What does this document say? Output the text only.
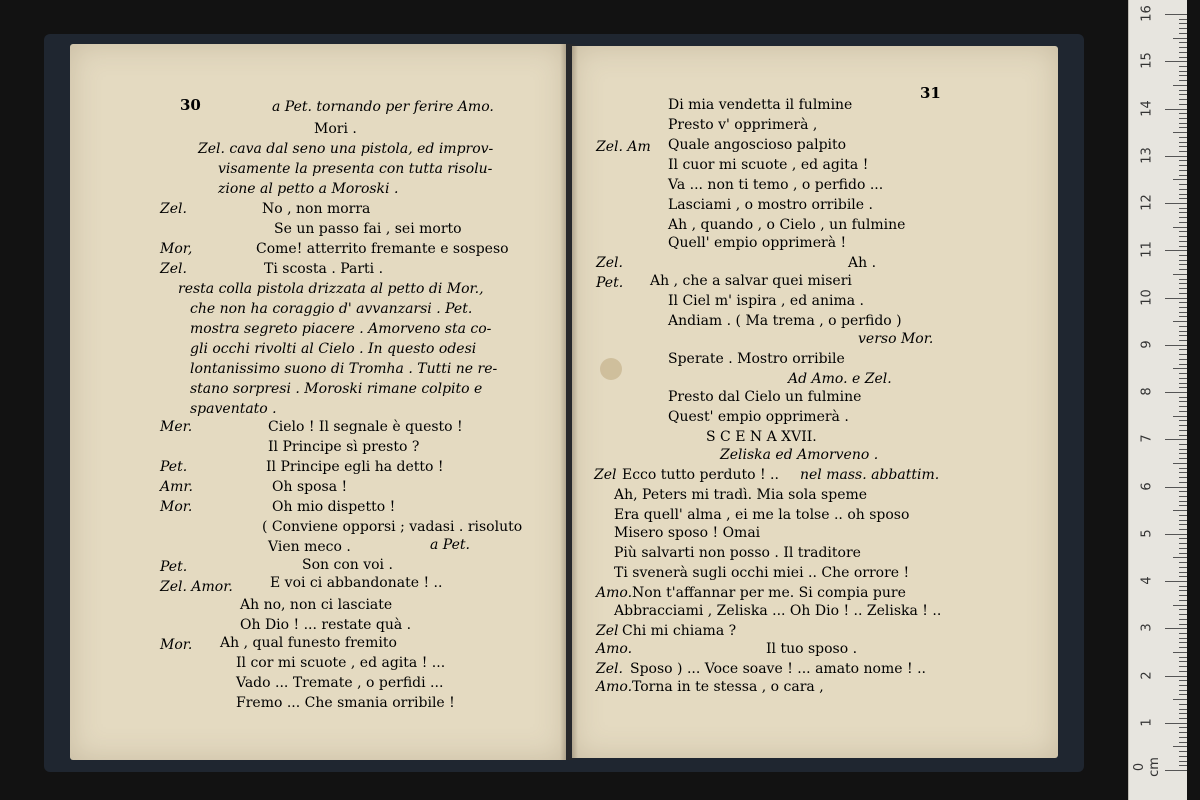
30
31
a Pet. tornando per ferire Amo.
Mori .
Zel. cava dal seno una pistola, ed improv-
visamente la presenta con tutta risolu-
zione al petto a Moroski .
Zel.	No , non morra
Se un passo fai , sei morto
Mor,	Come! atterrito fremante e sospeso
Zel.	Ti scosta . Parti .
resta colla pistola drizzata al petto di Mor.,
che non ha coraggio d' avvanzarsi . Pet.
mostra segreto piacere . Amorveno sta co-
gli occhi rivolti al Cielo . In questo odesi
lontanissimo suono di Tromha . Tutti ne re-
stano sorpresi . Moroski rimane colpito e
spaventato .
Mer.	Cielo ! Il segnale è questo !
Il Principe sì presto ?
Pet.	Il Principe egli ha detto !
Amr.	Oh sposa !
Mor.	Oh mio dispetto !
( Conviene opporsi ; vadasi . risoluto
Vien meco .	a Pet.
Pet.	Son con voi .
Zel. Amor.	E voi ci abbandonate ! ..
Ah no, non ci lasciate
Oh Dio ! ... restate quà .
Mor. Ah , qual funesto fremito
Il cor mi scuote , ed agita ! ...
Vado ... Tremate , o perfidi ...
Fremo ... Che smania orribile !
Di mia vendetta il fulmine
Presto v' opprimerà ,
Zel. Am Quale angoscioso palpito
Il cuor mi scuote , ed agita !
Va ... non ti temo , o perfido ...
Lasciami , o mostro orribile .
Ah , quando , o Cielo , un fulmine
Quell' empio opprimerà !
Zel.	Ah .
Pet. Ah , che a salvar quei miseri
Il Ciel m' ispira , ed anima .
Andiam . ( Ma trema , o perfido )
verso Mor.
Sperate . Mostro orribile
Ad Amo. e Zel.
Presto dal Cielo un fulmine
Quest' empio opprimerà .
S C E N A XVII.
Zeliska ed Amorveno .
Zel Ecco tutto perduto ! .. nel mass. abbattim.
Ah, Peters mi tradì. Mia sola speme
Era quell' alma , ei me la tolse .. oh sposo
Misero sposo ! Omai
Più salvarti non posso . Il traditore
Ti svenerà sugli occhi miei .. Che orrore !
Amo. Non t'affannar per me. Si compia pure
Abbracciami , Zeliska ... Oh Dio ! .. Zeliska ! ..
Zel Chi mi chiama ?
Amo.	Il tuo sposo .
Zel. Sposo ) ... Voce soave ! ... amato nome ! ..
Amo. Torna in te stessa , o cara ,
0 cm
1
2
3
4
5
6
7
8
9
10
11
12
13
14
15
16
